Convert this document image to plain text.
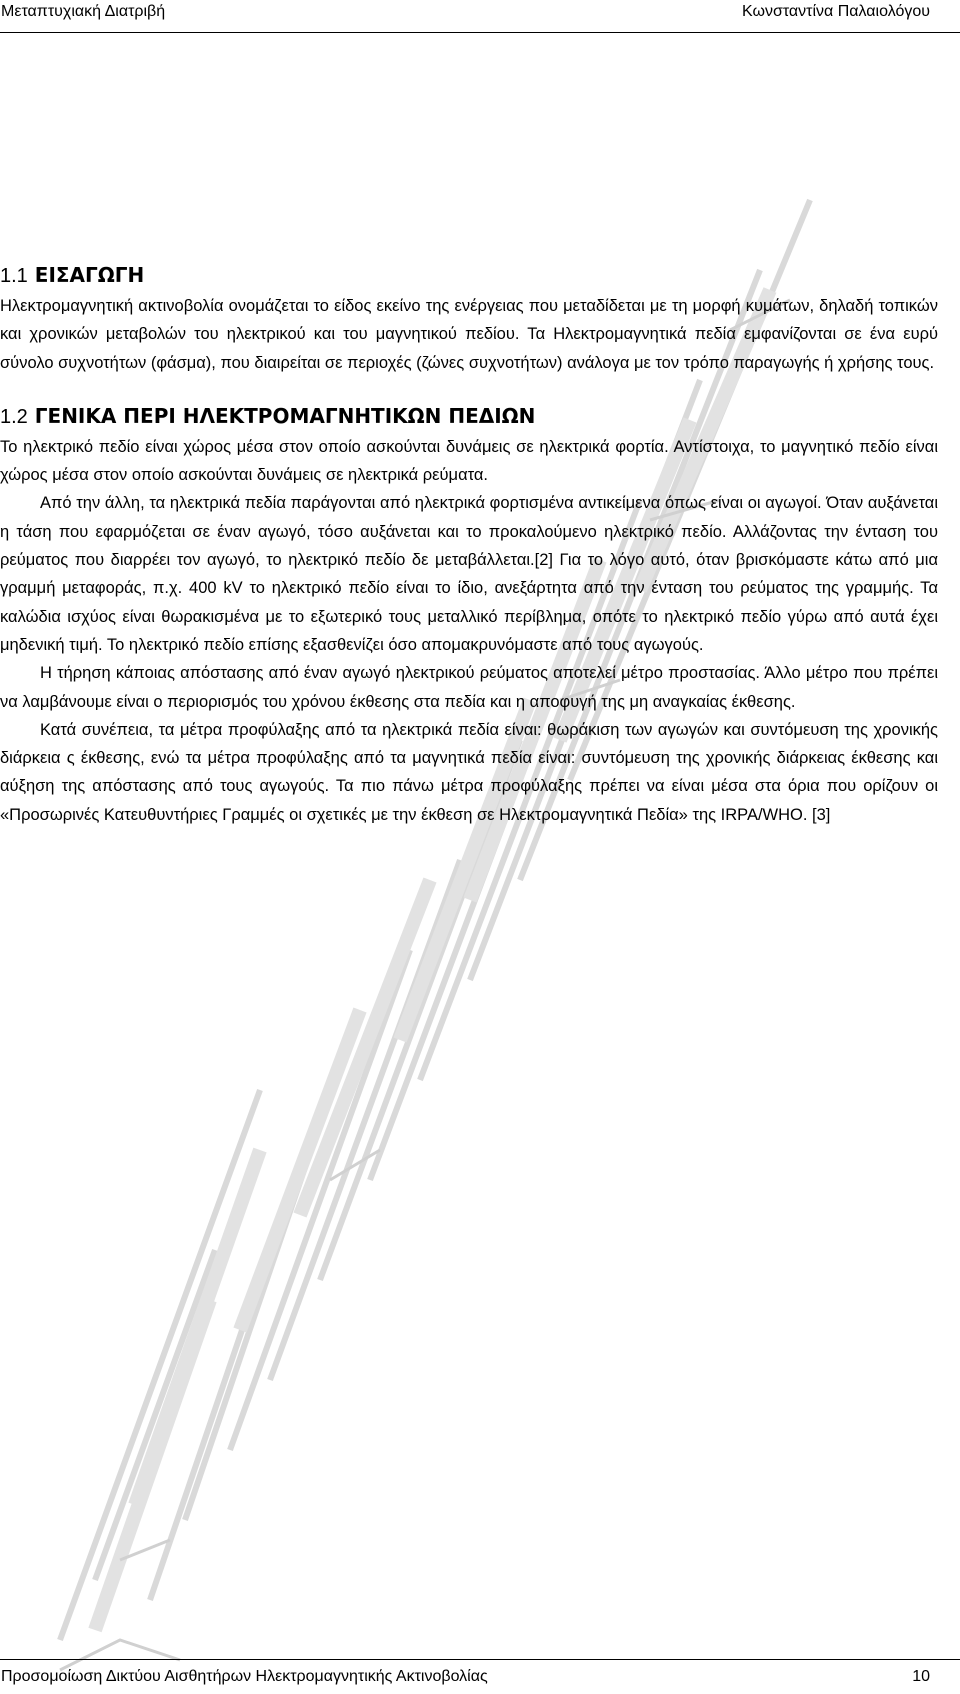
Μεταπτυχιακή Διατριβή	Κωνσταντίνα Παλαιολόγου
1.1 ΕΙΣΑΓΩΓΗ

Ηλεκτρομαγνητική ακτινοβολία ονομάζεται το είδος εκείνο της ενέργειας που μεταδίδεται με τη μορφή κυμάτων, δηλαδή τοπικών και χρονικών μεταβολών του ηλεκτρικού και του μαγνητικού πεδίου. Τα Ηλεκτρομαγνητικά πεδία εμφανίζονται σε ένα ευρύ σύνολο συχνοτήτων (φάσμα), που διαιρείται σε περιοχές (ζώνες συχνοτήτων) ανάλογα με τον τρόπο παραγωγής ή χρήσης τους.

1.2 ΓΕΝΙΚΑ ΠΕΡΙ ΗΛΕΚΤΡΟΜΑΓΝΗΤΙΚΩΝ ΠΕΔΙΩΝ

Το ηλεκτρικό πεδίο είναι χώρος μέσα στον οποίο ασκούνται δυνάμεις σε ηλεκτρικά φορτία. Αντίστοιχα, το μαγνητικό πεδίο είναι χώρος μέσα στον οποίο ασκούνται δυνάμεις σε ηλεκτρικά ρεύματα.

Από την άλλη, τα ηλεκτρικά πεδία παράγονται από ηλεκτρικά φορτισμένα αντικείμενα όπως είναι οι αγωγοί. Όταν αυξάνεται η τάση που εφαρμόζεται σε έναν αγωγό, τόσο αυξάνεται και το προκαλούμενο ηλεκτρικό πεδίο. Αλλάζοντας την ένταση του ρεύματος που διαρρέει τον αγωγό, το ηλεκτρικό πεδίο δε μεταβάλλεται.[2] Για το λόγο αυτό, όταν βρισκόμαστε κάτω από μια γραμμή μεταφοράς, π.χ. 400 kV το ηλεκτρικό πεδίο είναι το ίδιο, ανεξάρτητα από την ένταση του ρεύματος της γραμμής. Τα καλώδια ισχύος είναι θωρακισμένα με το εξωτερικό τους μεταλλικό περίβλημα, οπότε το ηλεκτρικό πεδίο γύρω από αυτά έχει μηδενική τιμή. Το ηλεκτρικό πεδίο επίσης εξασθενίζει όσο απομακρυνόμαστε από τους αγωγούς.

Η τήρηση κάποιας απόστασης από έναν αγωγό ηλεκτρικού ρεύματος αποτελεί μέτρο προστασίας. Άλλο μέτρο που πρέπει να λαμβάνουμε είναι ο περιορισμός του χρόνου έκθεσης στα πεδία και η αποφυγή της μη αναγκαίας έκθεσης.

Κατά συνέπεια, τα μέτρα προφύλαξης από τα ηλεκτρικά πεδία είναι: θωράκιση των αγωγών και συντόμευση της χρονικής διάρκεια ς έκθεσης, ενώ τα μέτρα προφύλαξης από τα μαγνητικά πεδία είναι: συντόμευση της χρονικής διάρκειας έκθεσης και αύξηση της απόστασης από τους αγωγούς. Τα πιο πάνω μέτρα προφύλαξης πρέπει να είναι μέσα στα όρια που ορίζουν οι «Προσωρινές Κατευθυντήριες Γραμμές οι σχετικές με την έκθεση σε Ηλεκτρομαγνητικά Πεδία» της IRPA/WHO. [3]

Προσομοίωση Δικτύου Αισθητήρων Ηλεκτρομαγνητικής Ακτινοβολίας	10
